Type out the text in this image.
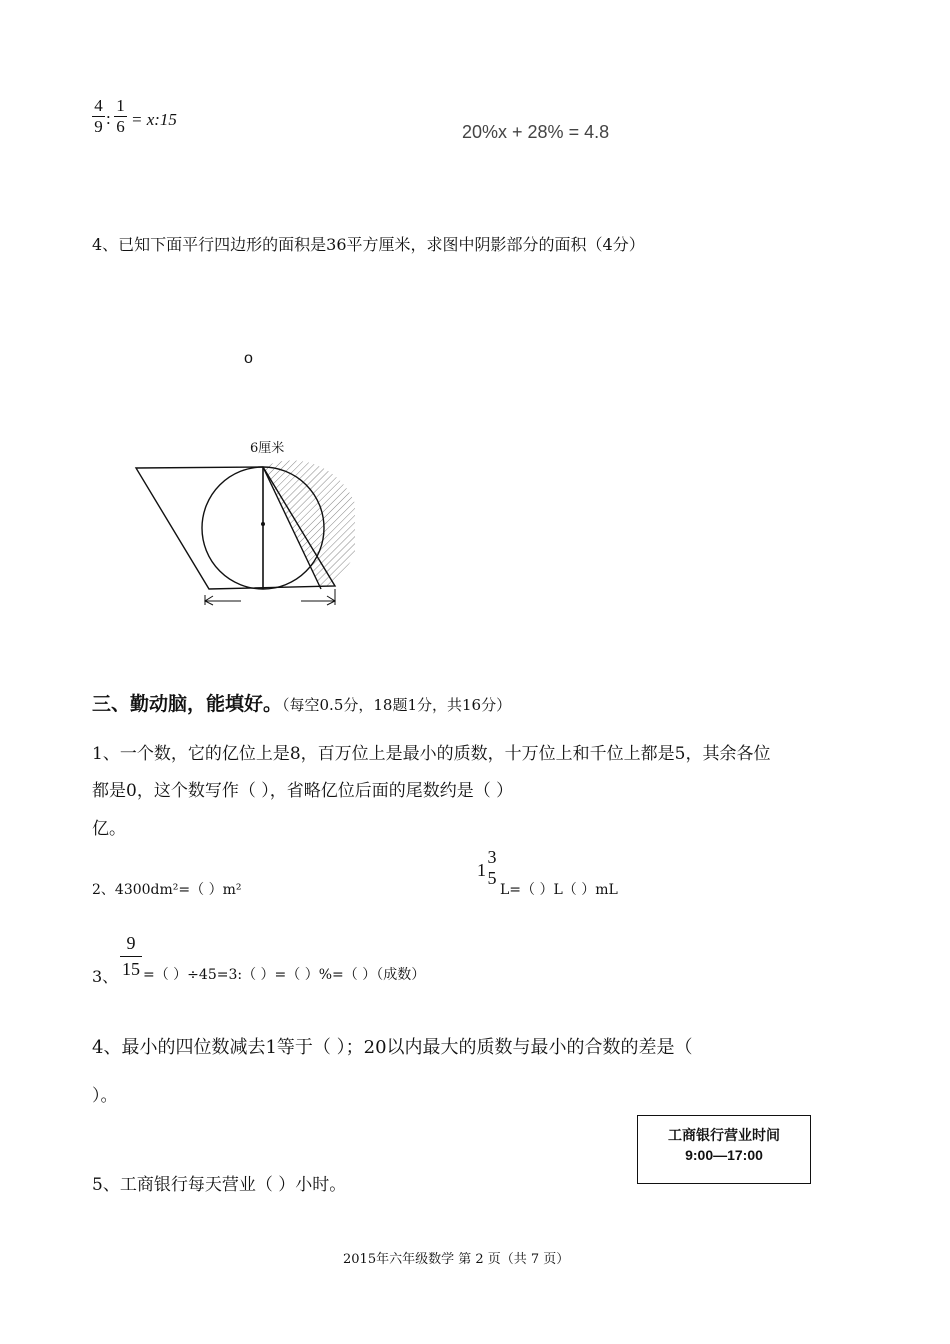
4
9 :
1
6 = x:15
20%x + 28% = 4.8
4、已知下面平行四边形的面积是36平方厘米，求图中阴影部分的面积（4分）
o
6厘米
三、勤动脑，能填好。（每空0.5分，18题1分，共16分）
1、一个数，它的亿位上是8，百万位上是最小的质数，十万位上和千位上都是5，其余各位
都是0，这个数写作（ ），省略亿位后面的尾数约是（ ）
亿。
2、4300dm²=（ ）m²
1
3
5
L=（ ）L（ ）mL
9
15
3、 =（ ）÷45=3:（ ）=（ ）%=（ ）（成数）
4、最小的四位数减去1等于（ ）；20以内最大的质数与最小的合数的差是（
）。
工商银行营业时间
9:00—17:00
5、工商银行每天营业（ ）小时。
2015年六年级数学 第 2 页（共 7 页）
